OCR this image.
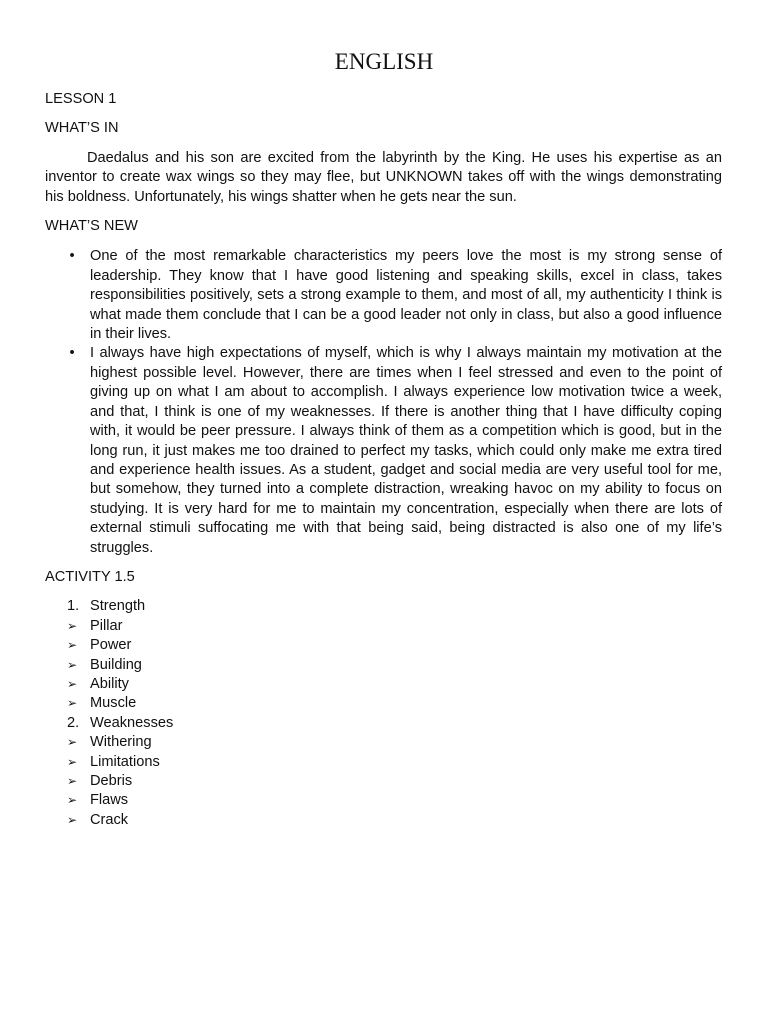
ENGLISH

LESSON 1

WHAT’S IN

Daedalus and his son are excited from the labyrinth by the King. He uses his expertise as an inventor to create wax wings so they may flee, but UNKNOWN takes off with the wings demonstrating his boldness. Unfortunately, his wings shatter when he gets near the sun.

WHAT’S NEW

• One of the most remarkable characteristics my peers love the most is my strong sense of leadership. They know that I have good listening and speaking skills, excel in class, takes responsibilities positively, sets a strong example to them, and most of all, my authenticity I think is what made them conclude that I can be a good leader not only in class, but also a good influence in their lives.
• I always have high expectations of myself, which is why I always maintain my motivation at the highest possible level. However, there are times when I feel stressed and even to the point of giving up on what I am about to accomplish. I always experience low motivation twice a week, and that, I think is one of my weaknesses. If there is another thing that I have difficulty coping with, it would be peer pressure. I always think of them as a competition which is good, but in the long run, it just makes me too drained to perfect my tasks, which could only make me extra tired and experience health issues. As a student, gadget and social media are very useful tool for me, but somehow, they turned into a complete distraction, wreaking havoc on my ability to focus on studying. It is very hard for me to maintain my concentration, especially when there are lots of external stimuli suffocating me with that being said, being distracted is also one of my life’s struggles.

ACTIVITY 1.5

1. Strength
➢ Pillar
➢ Power
➢ Building
➢ Ability
➢ Muscle
2. Weaknesses
➢ Withering
➢ Limitations
➢ Debris
➢ Flaws
➢ Crack
